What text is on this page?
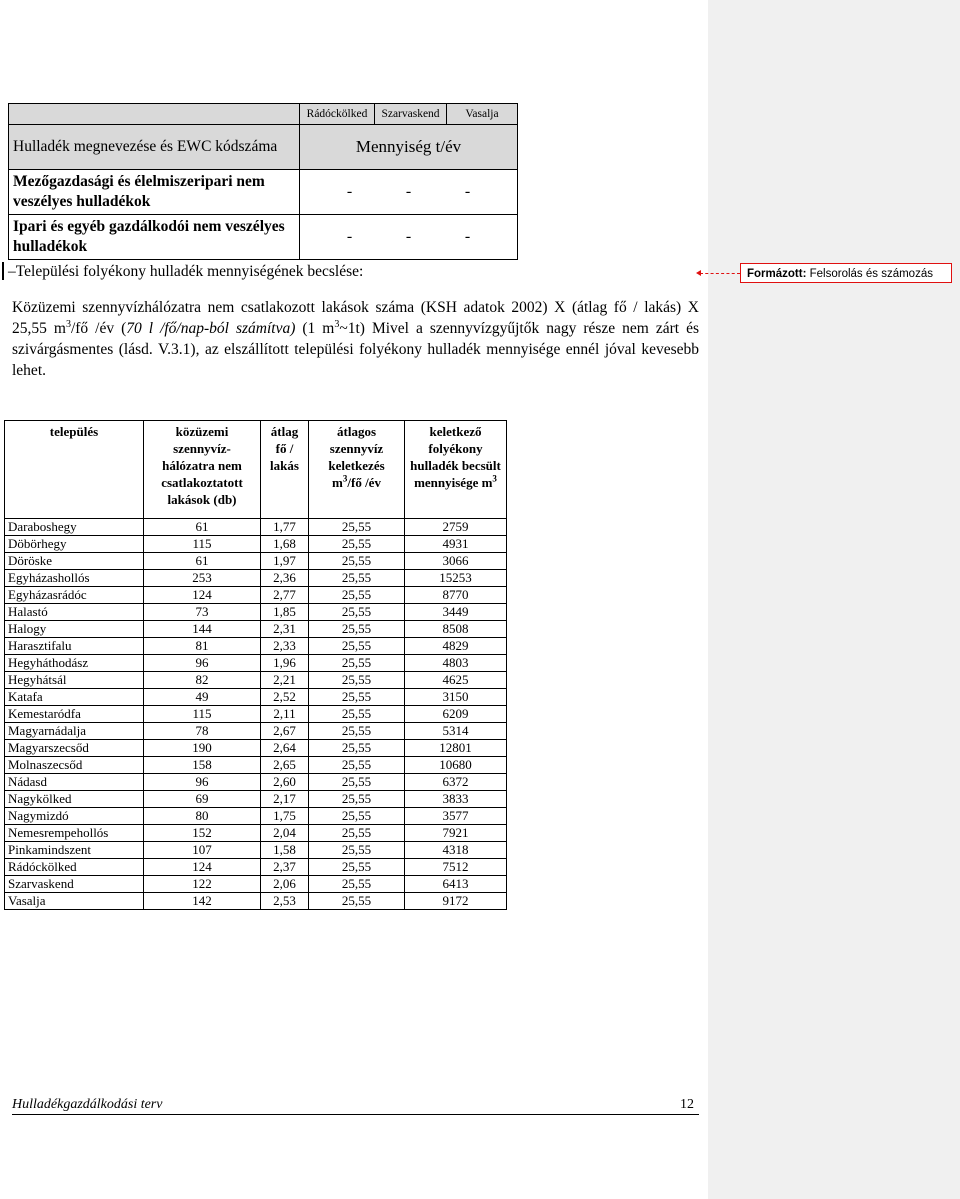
	Rádóckölked	Szarvaskend	Vasalja
Hulladék megnevezése és EWC kódszáma	Mennyiség t/év		
Mezőgazdasági és élelmiszeripari nem veszélyes hulladékok	- - -		

Ipari és egyéb gazdálkodói nem veszélyes hulladékok	- - -		
–Települési folyékony hulladék mennyiségének becslése:	Formázott: Felsorolás és számozás
Közüzemi szennyvízhálózatra nem csatlakozott lakások száma (KSH adatok 2002) X (átlag fő / lakás) X 25,55 $m^3/fő$ /év (70 l /fő/nap-ból számítva) (1 $m^3\sim 1t$) Mivel a szennyvízgyűjtők nagy része nem zárt és szivárgásmentes (lásd. V.3.1), az elszállított települési folyékony hulladék mennyisége ennél jóval kevesebb lehet.
település	közüzemi szennyvíz-hálózatra nem csatlakoztatott lakások (db)	átlag fő / lakás	átlagos szennyvíz keletkezés $m^3/fő$ /év	keletkező folyékony hulladék becsült mennyisége $m^3$
Daraboshegy	61	1,77	25,55	2759
Döbörhegy	115	1,68	25,55	4931
Döröske	61	1,97	25,55	3066
Egyházashollós	253	2,36	25,55	15253
Egyházasrádóc	124	2,77	25,55	8770
Halastó	73	1,85	25,55	3449
Halogy	144	2,31	25,55	8508
Harasztifalu	81	2,33	25,55	4829
Hegyháthodász	96	1,96	25,55	4803
Hegyhátsál	82	2,21	25,55	4625
Katafa	49	2,52	25,55	3150
Kemestaródfa	115	2,11	25,55	6209
Magyarnádalja	78	2,67	25,55	5314
Magyarszecsőd	190	2,64	25,55	12801
Molnaszecsőd	158	2,65	25,55	10680
Nádasd	96	2,60	25,55	6372
Nagykölked	69	2,17	25,55	3833
Nagymizdó	80	1,75	25,55	3577
Nemesrempehollós	152	2,04	25,55	7921
Pinkamindszent	107	1,58	25,55	4318
Rádóckölked	124	2,37	25,55	7512
Szarvaskend	122	2,06	25,55	6413
Vasalja	142	2,53	25,55	9172
Hulladékgazdálkodási terv	12
